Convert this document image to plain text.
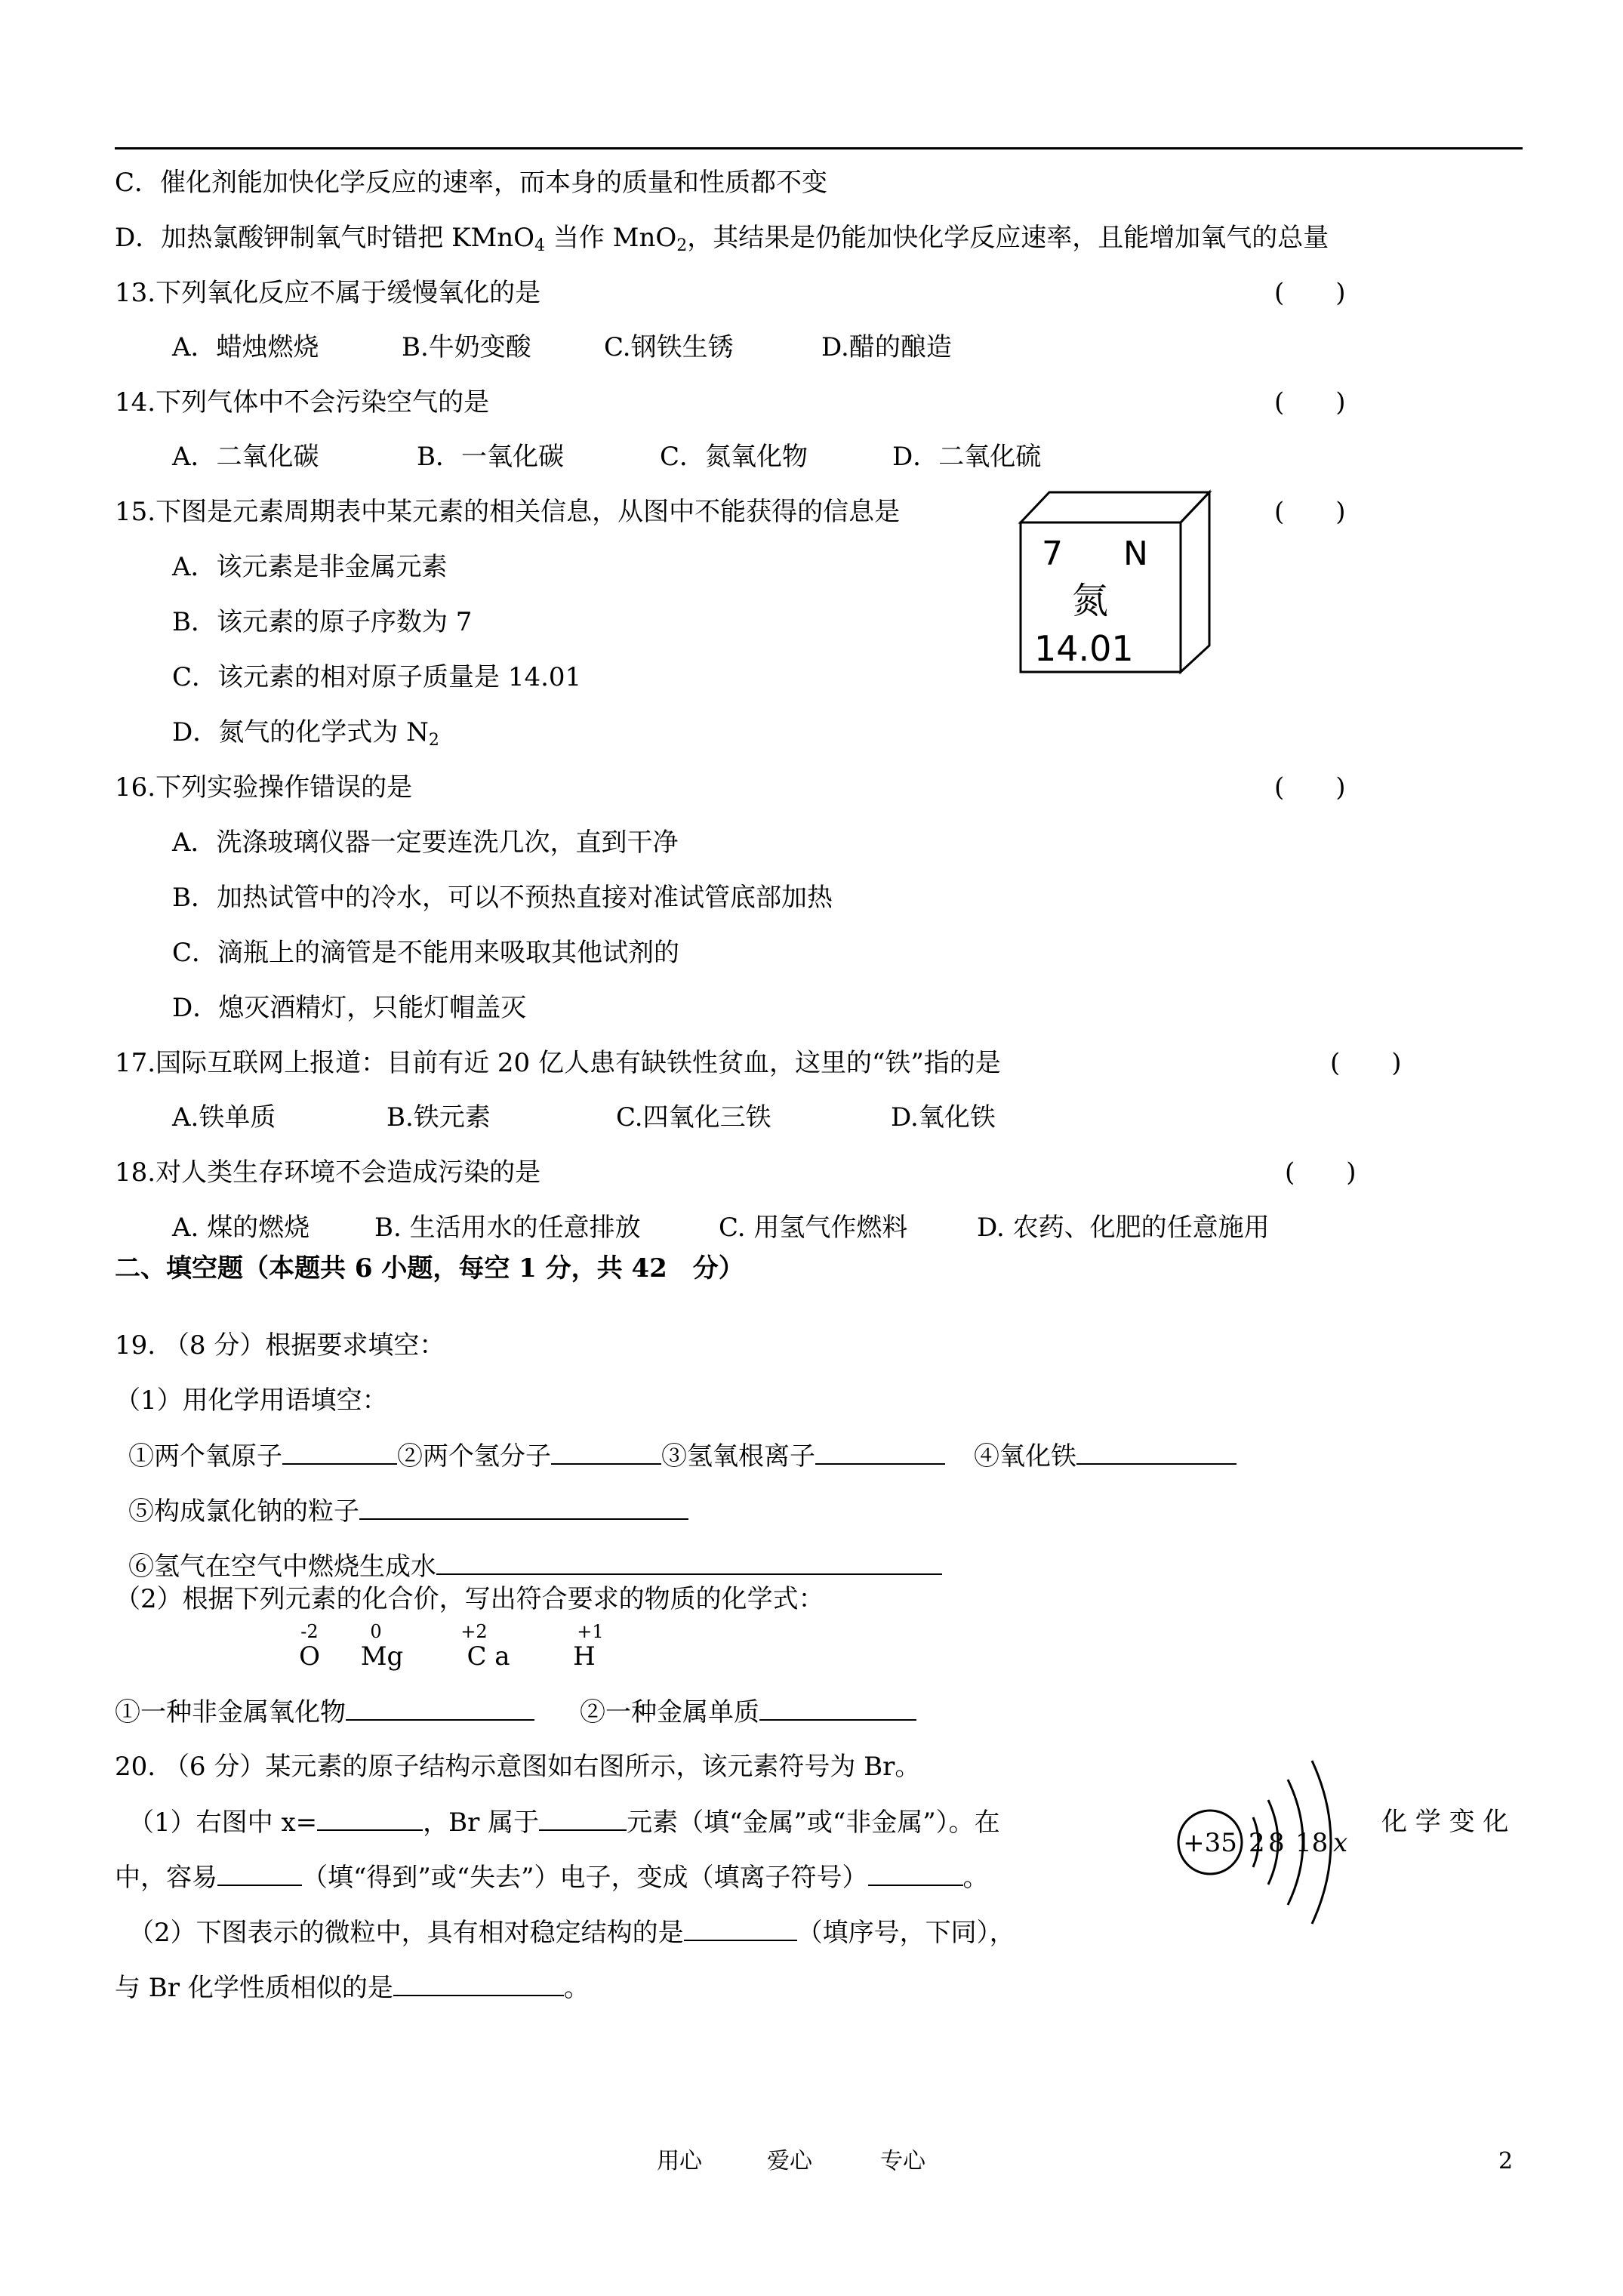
C．催化剂能加快化学反应的速率，而本身的质量和性质都不变
D．加热氯酸钾制氧气时错把 KMnO$_4$ 当作 MnO$_2$，其结果是仍能加快化学反应速率，且能增加氧气的总量
13.下列氧化反应不属于缓慢氧化的是	(　　)
A．蜡烛燃烧	B.牛奶变酸	C.钢铁生锈	D.醋的酿造
14.下列气体中不会污染空气的是	(　　)
A．二氧化碳	B．一氧化碳	C．氮氧化物	D．二氧化硫
15.下图是元素周期表中某元素的相关信息，从图中不能获得的信息是	(　　)
A．该元素是非金属元素
B．该元素的原子序数为 7
C．该元素的相对原子质量是 14.01
D．氮气的化学式为 $N_2$
7 N
氮
14.01
16.下列实验操作错误的是	(　　)
A．洗涤玻璃仪器一定要连洗几次，直到干净
B．加热试管中的冷水，可以不预热直接对准试管底部加热
C．滴瓶上的滴管是不能用来吸取其他试剂的
D．熄灭酒精灯，只能灯帽盖灭
17.国际互联网上报道：目前有近 20 亿人患有缺铁性贫血，这里的“铁”指的是	(　　)
A.铁单质	B.铁元素	C.四氧化三铁	D.氧化铁
18.对人类生存环境不会造成污染的是	(　　)
A. 煤的燃烧	B. 生活用水的任意排放	C. 用氢气作燃料	D. 农药、化肥的任意施用
二、填空题（本题共 6 小题，每空 1 分，共 42　分）
19. （8 分）根据要求填空：
（1）用化学用语填空：
①两个氧原子	②两个氢分子	③氢氧根离子	④氧化铁
⑤构成氯化钠的粒子
⑥氢气在空气中燃烧生成水
（2）根据下列元素的化合价，写出符合要求的物质的化学式：
-2
O
0
Mg
+2
C a
+1
H
①一种非金属氧化物	②一种金属单质
20. （6 分）某元素的原子结构示意图如右图所示，该元素符号为 Br。
（1）右图中 x=	，Br 属于	元素（填“金属”或“非金属”）。在	化 学 变 化
中，容易	（填“得到”或“失去”）电子，变成（填离子符号）	。
（2）下图表示的微粒中，具有相对稳定结构的是	（填序号，下同），
与 Br 化学性质相似的是	。
+35 2 8 18 x
用心	爱心	专心	2
